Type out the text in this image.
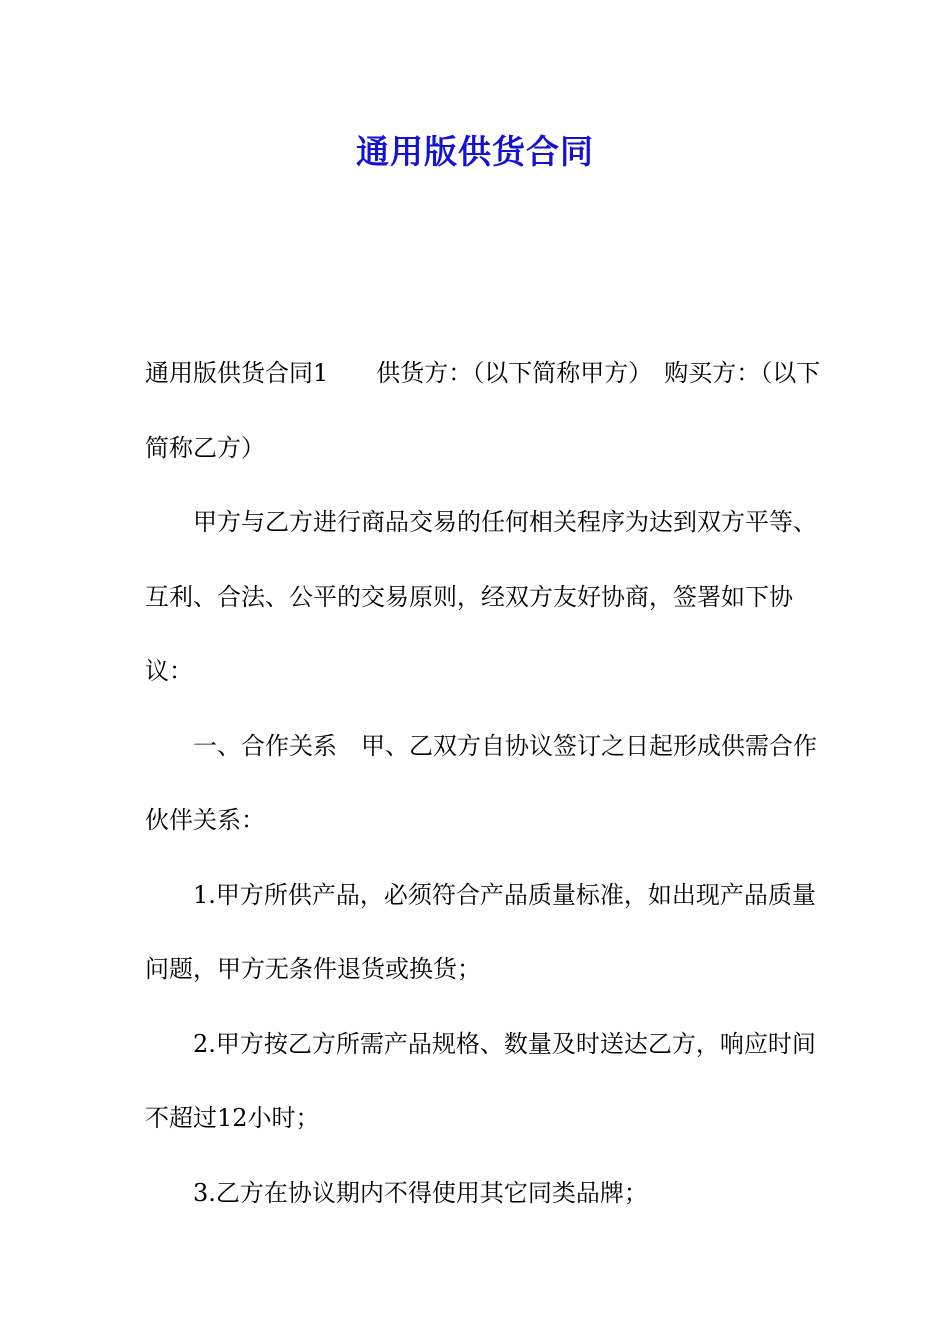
通用版供货合同

通用版供货合同1　　供货方：（以下简称甲方）　购买方：（以下简称乙方）

甲方与乙方进行商品交易的任何相关程序为达到双方平等、互利、合法、公平的交易原则，经双方友好协商，签署如下协议：

一、合作关系　甲、乙双方自协议签订之日起形成供需合作伙伴关系：

1.甲方所供产品，必须符合产品质量标准，如出现产品质量问题，甲方无条件退货或换货；

2.甲方按乙方所需产品规格、数量及时送达乙方，响应时间不超过12小时；

3.乙方在协议期内不得使用其它同类品牌；
